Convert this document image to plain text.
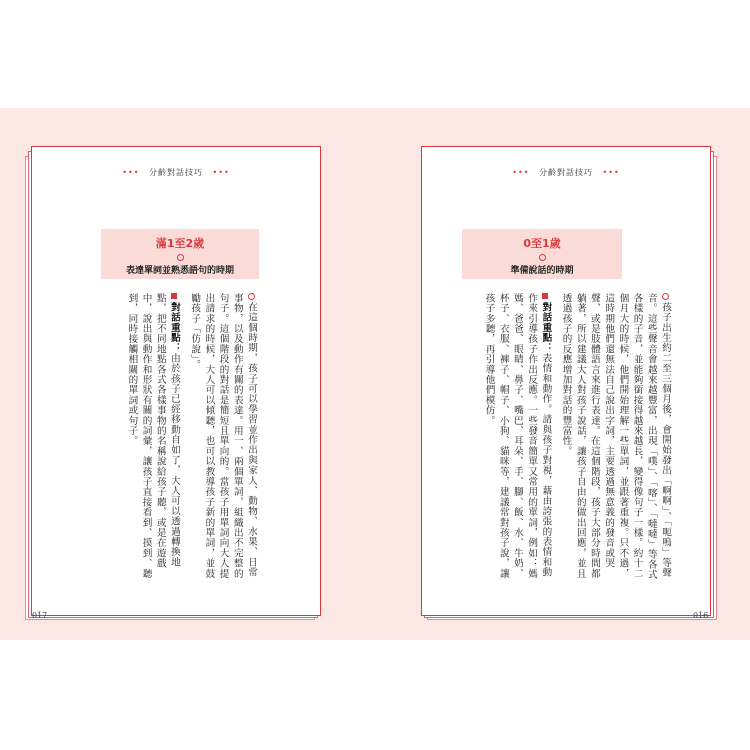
••• 分齡對話技巧 •••
滿1至2歲
表達單詞並熟悉語句的時期

在這個時期，孩子可以學習並作出與家人、動物、水果、日常事物，以及動作有關的表達。用一、兩個單詞，組織出不完整的句子。這個階段的對話是簡短且單向的。當孩子用單詞向大人提出請求的時候，大人可以傾聽，也可以教導孩子新的單詞，並鼓勵孩子「仿說」。

對話重點：由於孩子已經移動自如了，大人可以透過轉換地點，把不同地點各式各樣事物的名稱說給孩子聽，或是在遊戲中，說出與動作和形狀有關的詞彙，讓孩子直接看到、摸到、聽到，同時接觸相關的單詞或句子。

017
••• 分齡對話技巧 •••
0至1歲
準備說話的時期

孩子出生約二至三個月後，會開始發出「啊啊」、「呃嗚」等聲音。這些聲音會越來越豐富，出現「噗」、「喀」、「噠噠」等各式各樣的子音，並能夠銜接得越來越長，變得像句子一樣。約十二個月大的時候，他們開始理解一些單詞，並跟著重複。只不過，這時期他們還無法自己說出字詞，主要透過無意義的發音或哭聲，或是肢體語言來進行表達。在這個階段，孩子大部分時間都躺著，所以建議大人對孩子說話，讓孩子自由的做出回應，並且透過孩子的反應增加對話的豐富性。

對話重點：表情和動作。請與孩子對視，藉由誇張的表情和動作來引導孩子作出反應。一些發音簡單又常用的單詞，例如：媽媽、爸爸、眼睛、鼻子、嘴巴、耳朵、手、腳、飯、水、牛奶、杯子、衣服、褲子、帽子、小狗、貓咪等，建議常對孩子說，讓孩子多聽，再引導他們模仿。

016
